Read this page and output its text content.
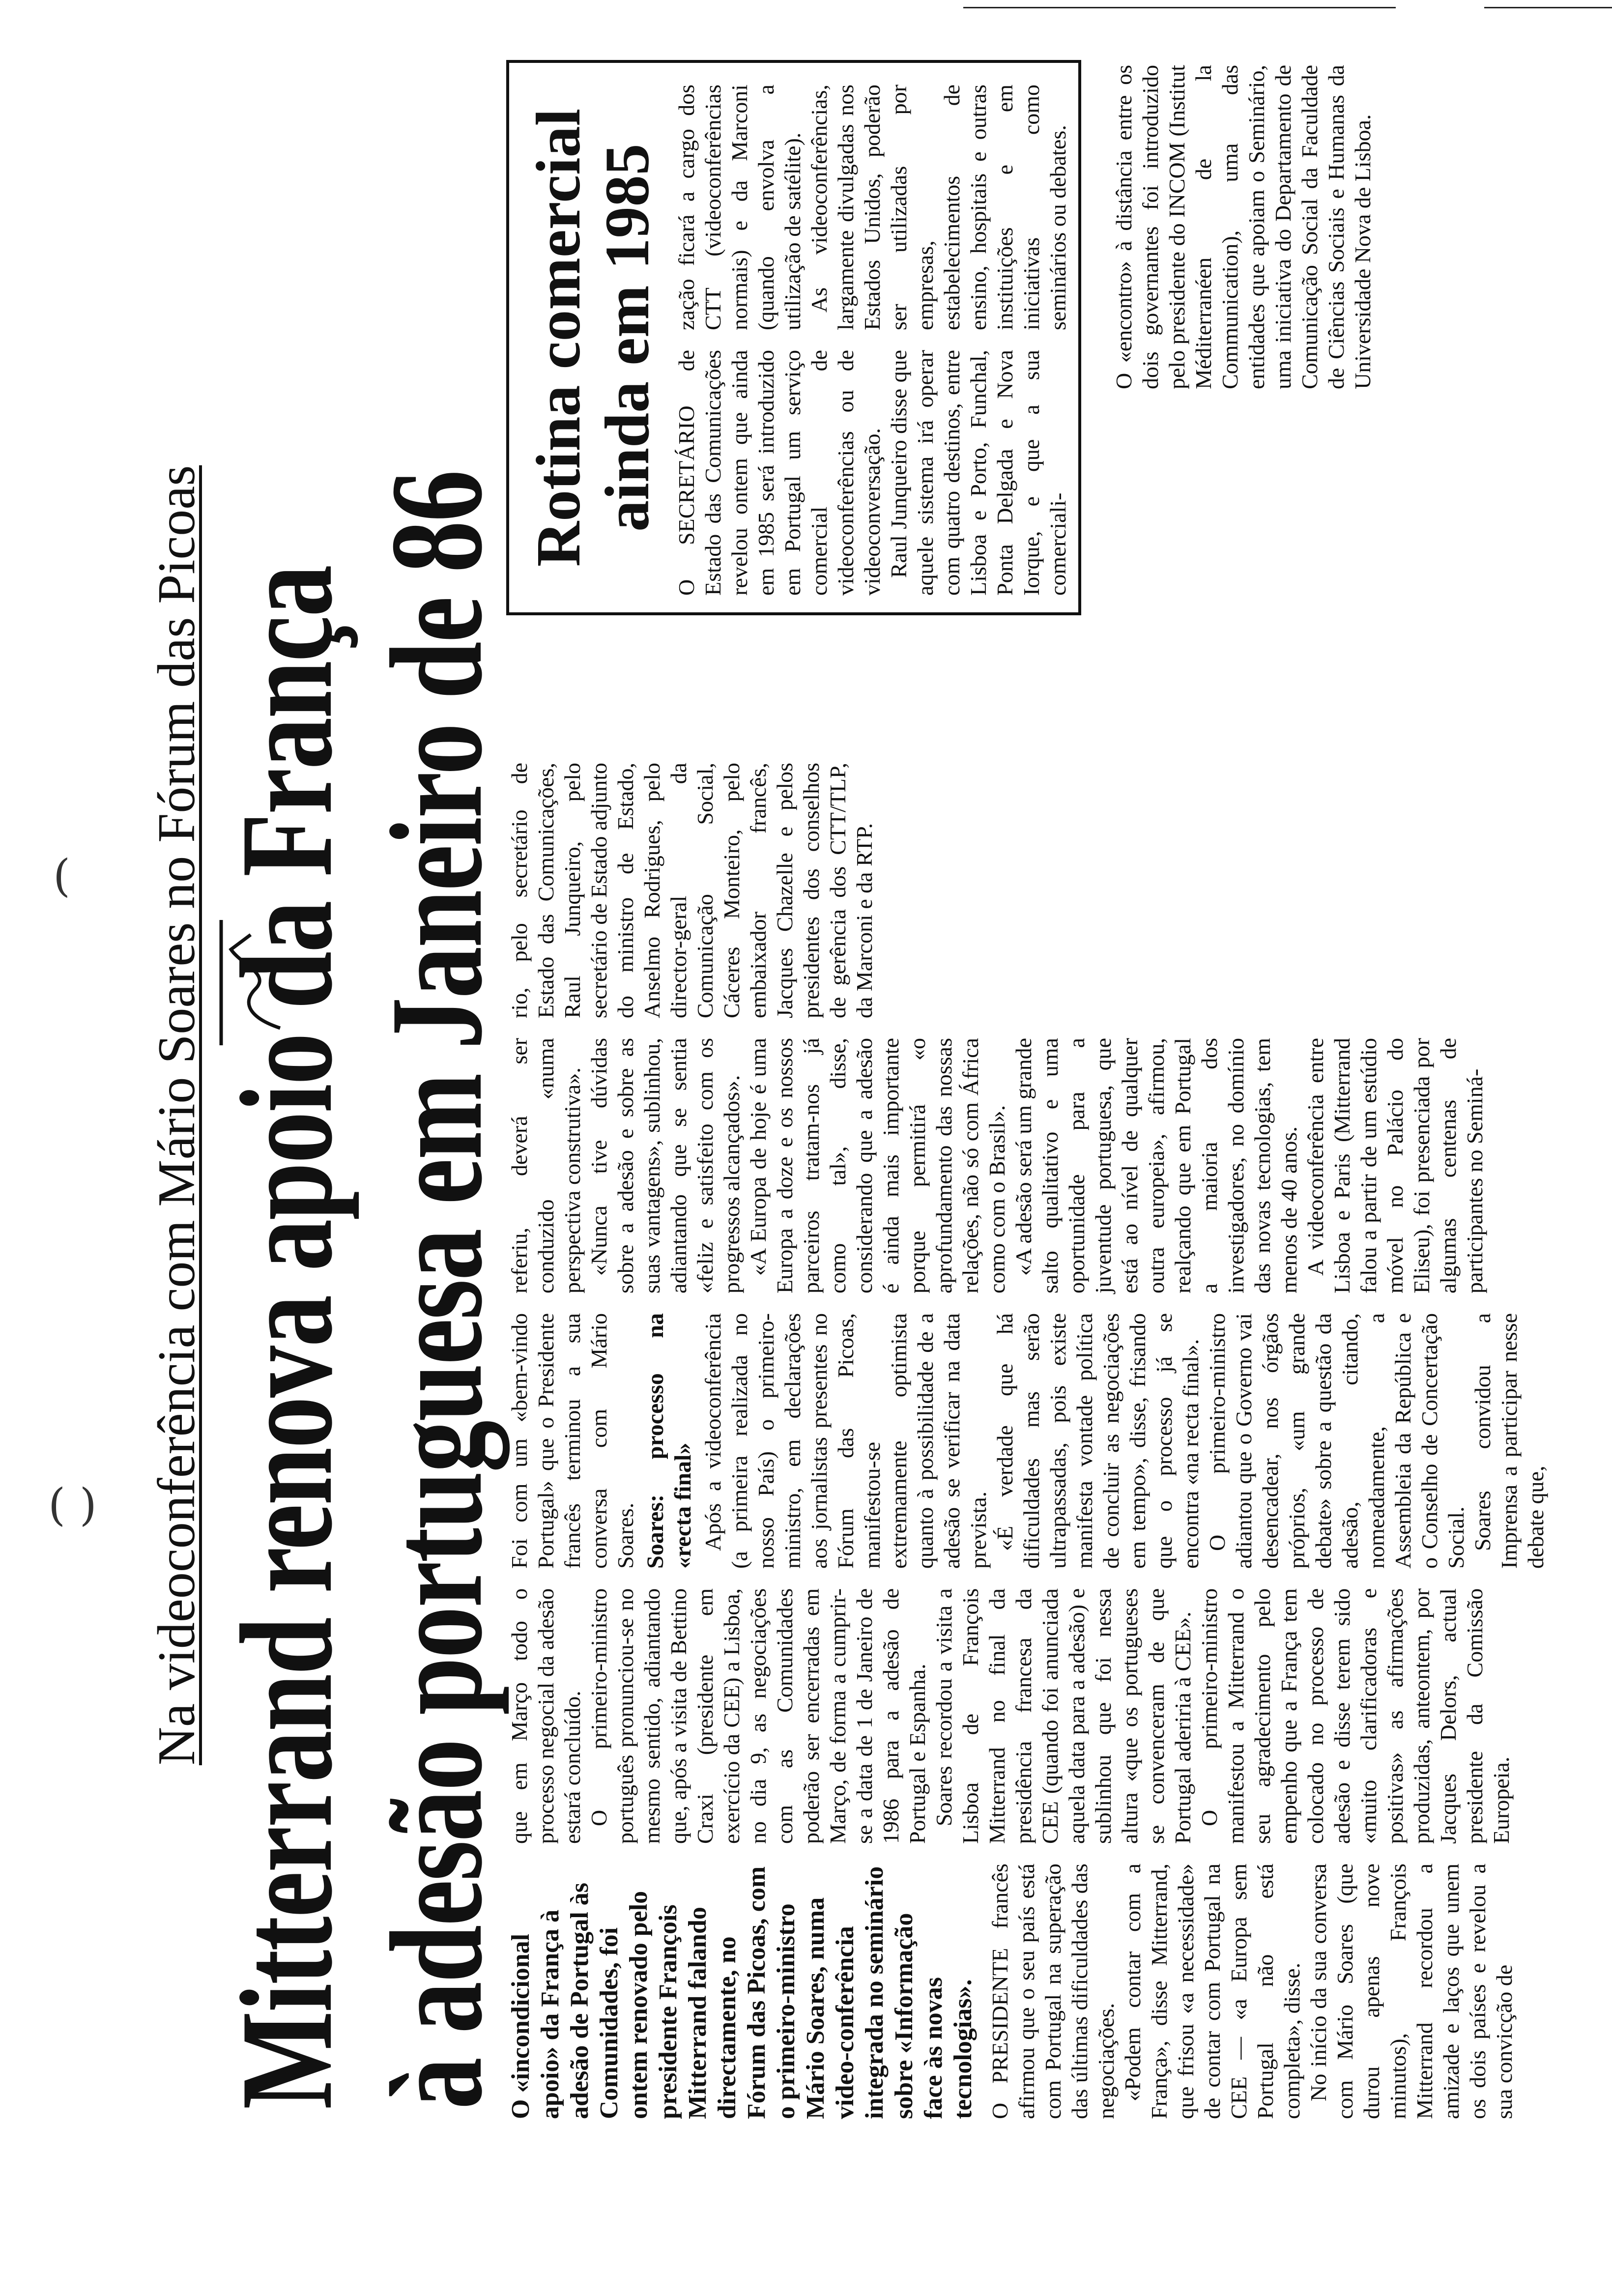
(
( ) Na videoconferência com Mário Soares no Fórum das Picoas Mitterrand renova apoio da França à adesão portuguesa em Janeiro de 86

O «incondicional apoio» da França à adesão de Portugal às Comunidades, foi ontem renovado pelo presidente François Mitterrand falando directamente, no Fórum das Picoas, com o primeiro-ministro Mário Soares, numa video-conferência integrada no seminário sobre «Informação face às novas tecnologias». O PRESIDENTE francês afirmou que o seu país está com Portugal na superação das últimas dificuldades das negociações. «Podem contar com a França», disse Mitterrand, que frisou «a necessidade» de contar com Portugal na CEE — «a Europa sem Portugal não está completa», disse. No início da sua conversa com Mário Soares (que durou apenas nove minutos), François Mitterrand recordou a amizade e laços que unem os dois países e revelou a sua convicção de

que em Março todo o processo negocial da adesão estará concluído. O primeiro-ministro português pronunciou-se no mesmo sentido, adiantando que, após a visita de Bettino Craxi (presidente em exercício da CEE) a Lisboa, no dia 9, as negociações com as Comunidades poderão ser encerradas em Março, de forma a cumprir-se a data de 1 de Janeiro de 1986 para a adesão de Portugal e Espanha. Soares recordou a visita a Lisboa de François Mitterrand no final da presidência francesa da CEE (quando foi anunciada aquela data para a adesão) e sublinhou que foi nessa altura «que os portugueses se convenceram de que Portugal aderiria à CEE». O primeiro-ministro manifestou a Mitterrand o seu agradecimento pelo empenho que a França tem colocado no processo de adesão e disse terem sido «muito clarificadoras e positivas» as afirmações produzidas, anteontem, por Jacques Delors, actual presidente da Comissão Europeia.

Foi com um «bem-vindo Portugal» que o Presidente francês terminou a sua conversa com Mário Soares. Soares: processo na «recta final» Após a videoconferência (a primeira realizada no nosso País) o primeiro-ministro, em declarações aos jornalistas presentes no Fórum das Picoas, manifestou-se extremamente optimista quanto à possibilidade de a adesão se verificar na data prevista. «É verdade que há dificuldades mas serão ultrapassadas, pois existe manifesta vontade política de concluir as negociações em tempo», disse, frisando que o processo já se encontra «na recta final». O primeiro-ministro adiantou que o Governo vai desencadear, nos órgãos próprios, «um grande debate» sobre a questão da adesão, citando, nomeadamente, a Assembleia da República e o Conselho de Concertação Social. Soares convidou a Imprensa a participar nesse debate que,

referiu, deverá ser conduzido «numa perspectiva construtiva». «Nunca tive dúvidas sobre a adesão e sobre as suas vantagens», sublinhou, adiantando que se sentia «feliz e satisfeito com os progressos alcançados». «A Europa de hoje é uma Europa a doze e os nossos parceiros tratam-nos já como tal», disse, considerando que a adesão é ainda mais importante porque permitirá «o aprofundamento das nossas relações, não só com África como com o Brasil». «A adesão será um grande salto qualitativo e uma oportunidade para a juventude portuguesa, que está ao nível de qualquer outra europeia», afirmou, realçando que em Portugal a maioria dos investigadores, no domínio das novas tecnologias, tem menos de 40 anos. A videoconferência entre Lisboa e Paris (Mitterrand falou a partir de um estúdio móvel no Palácio do Eliseu), foi presenciada por algumas centenas de participantes no Seminá-

rio, pelo secretário de Estado das Comunicações, Raul Junqueiro, pelo secretário de Estado adjunto do ministro de Estado, Anselmo Rodrigues, pelo director-geral da Comunicação Social, Cáceres Monteiro, pelo embaixador francês, Jacques Chazelle e pelos presidentes dos conselhos de gerência dos CTT/TLP, da Marconi e da RTP.

O «encontro» à distância entre os dois governantes foi introduzido pelo presidente do INCOM (Institut Méditerranéen de la Communication), uma das entidades que apoiam o Seminário, uma iniciativa do Departamento de Comunicação Social da Faculdade de Ciências Sociais e Humanas da Universidade Nova de Lisboa.

Rotina comercial
ainda em 1985 O SECRETÁRIO de Estado das Comunicações revelou ontem que ainda em 1985 será introduzido em Portugal um serviço comercial de videoconferências ou de videoconversação. Raul Junqueiro disse que aquele sistema irá operar com quatro destinos, entre Lisboa e Porto, Funchal, Ponta Delgada e Nova Iorque, e que a sua comerciali-

zação ficará a cargo dos CTT (videoconferências normais) e da Marconi (quando envolva a utilização de satélite). As videoconferências, largamente divulgadas nos Estados Unidos, poderão ser utilizadas por empresas, estabelecimentos de ensino, hospitais e outras instituições e em iniciativas como seminários ou debates.
